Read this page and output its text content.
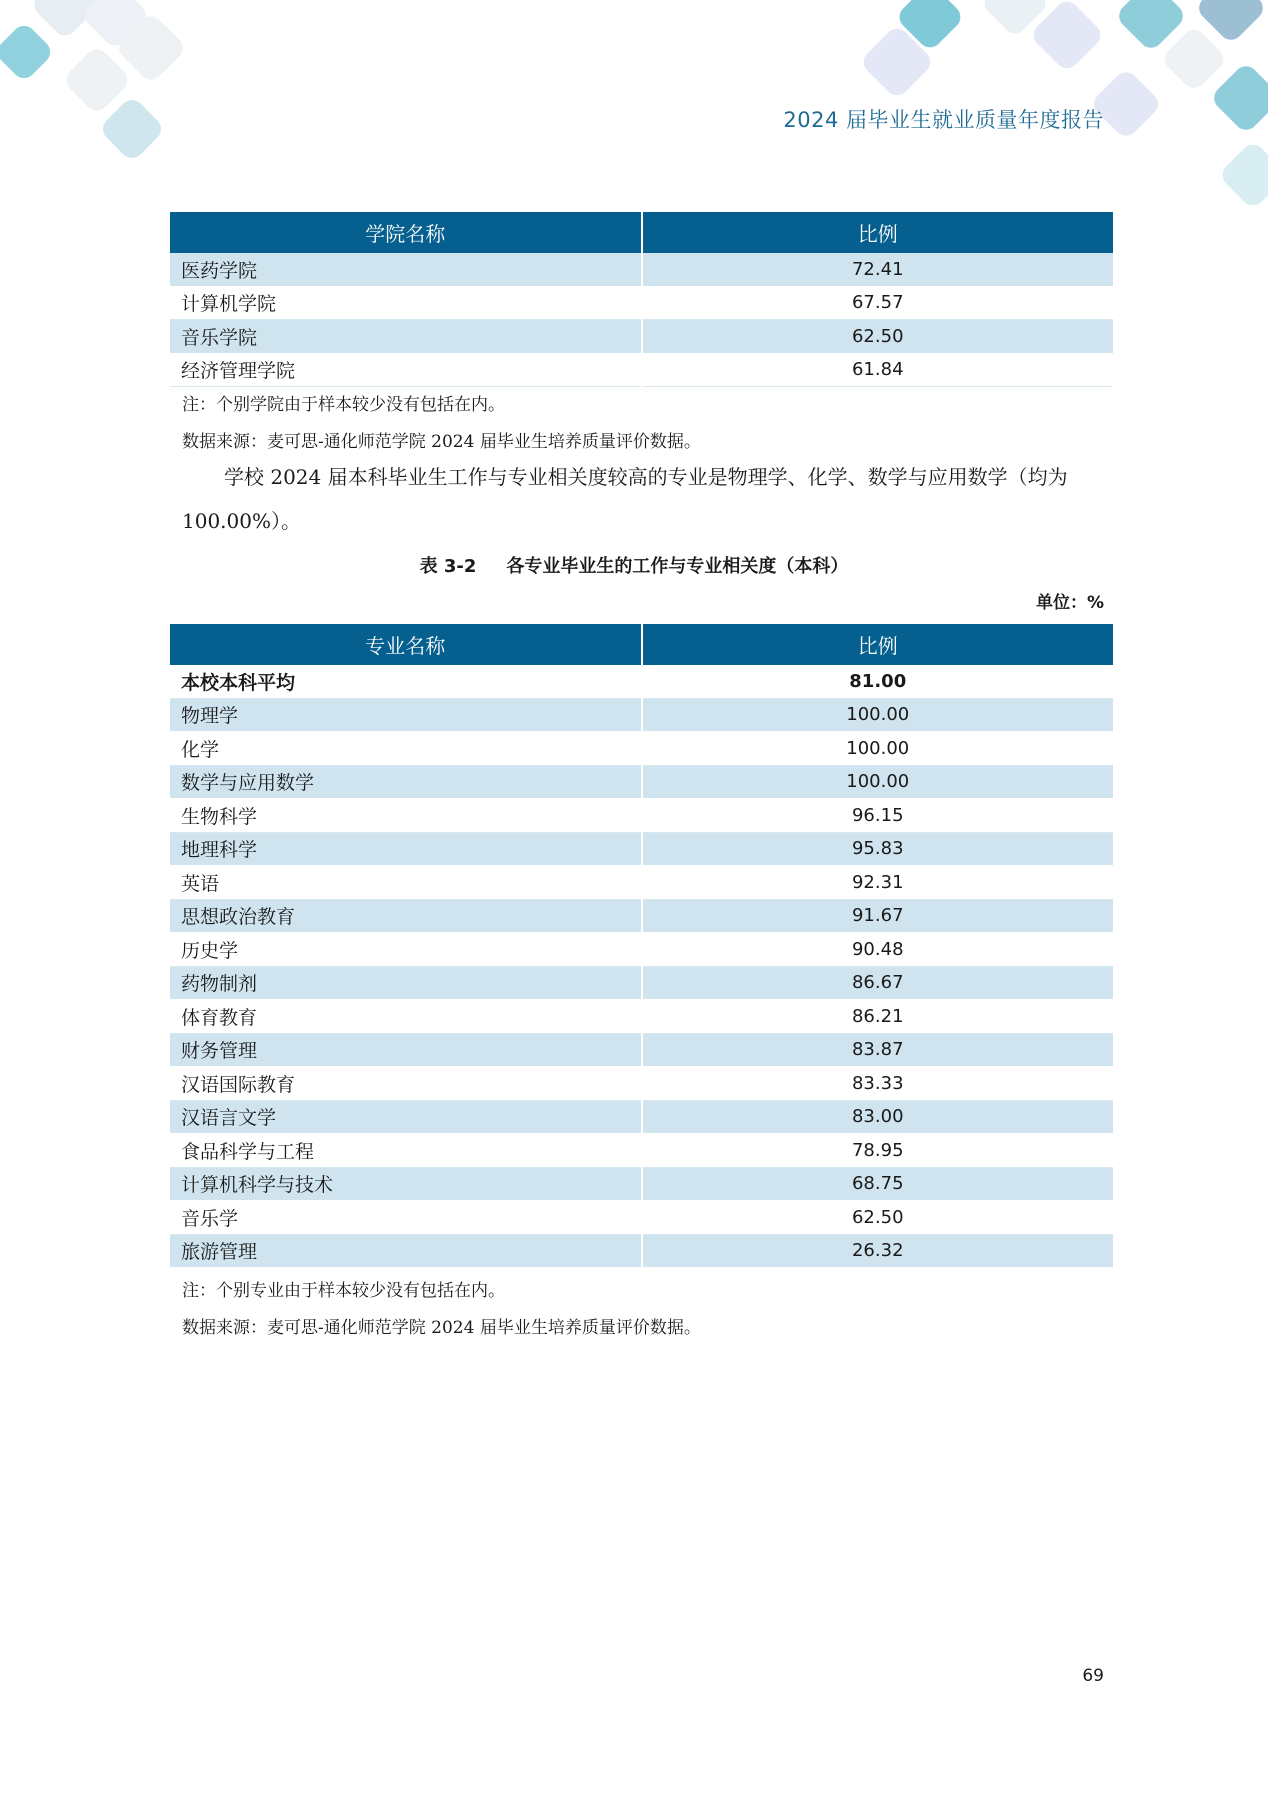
2024 届毕业生就业质量年度报告
学院名称	比例
医药学院	72.41
计算机学院	67.57
音乐学院	62.50
经济管理学院	61.84
注：个别学院由于样本较少没有包括在内。
数据来源：麦可思-通化师范学院 2024 届毕业生培养质量评价数据。
学校 2024 届本科毕业生工作与专业相关度较高的专业是物理学、化学、数学与应用数学（均为 100.00%）。
表 3-2 各专业毕业生的工作与专业相关度（本科）
单位：%
专业名称	比例
本校本科平均	81.00
物理学	100.00
化学	100.00
数学与应用数学	100.00
生物科学	96.15
地理科学	95.83
英语	92.31
思想政治教育	91.67
历史学	90.48
药物制剂	86.67
体育教育	86.21
财务管理	83.87
汉语国际教育	83.33
汉语言文学	83.00
食品科学与工程	78.95
计算机科学与技术	68.75
音乐学	62.50
旅游管理	26.32
注：个别专业由于样本较少没有包括在内。
数据来源：麦可思-通化师范学院 2024 届毕业生培养质量评价数据。
69
